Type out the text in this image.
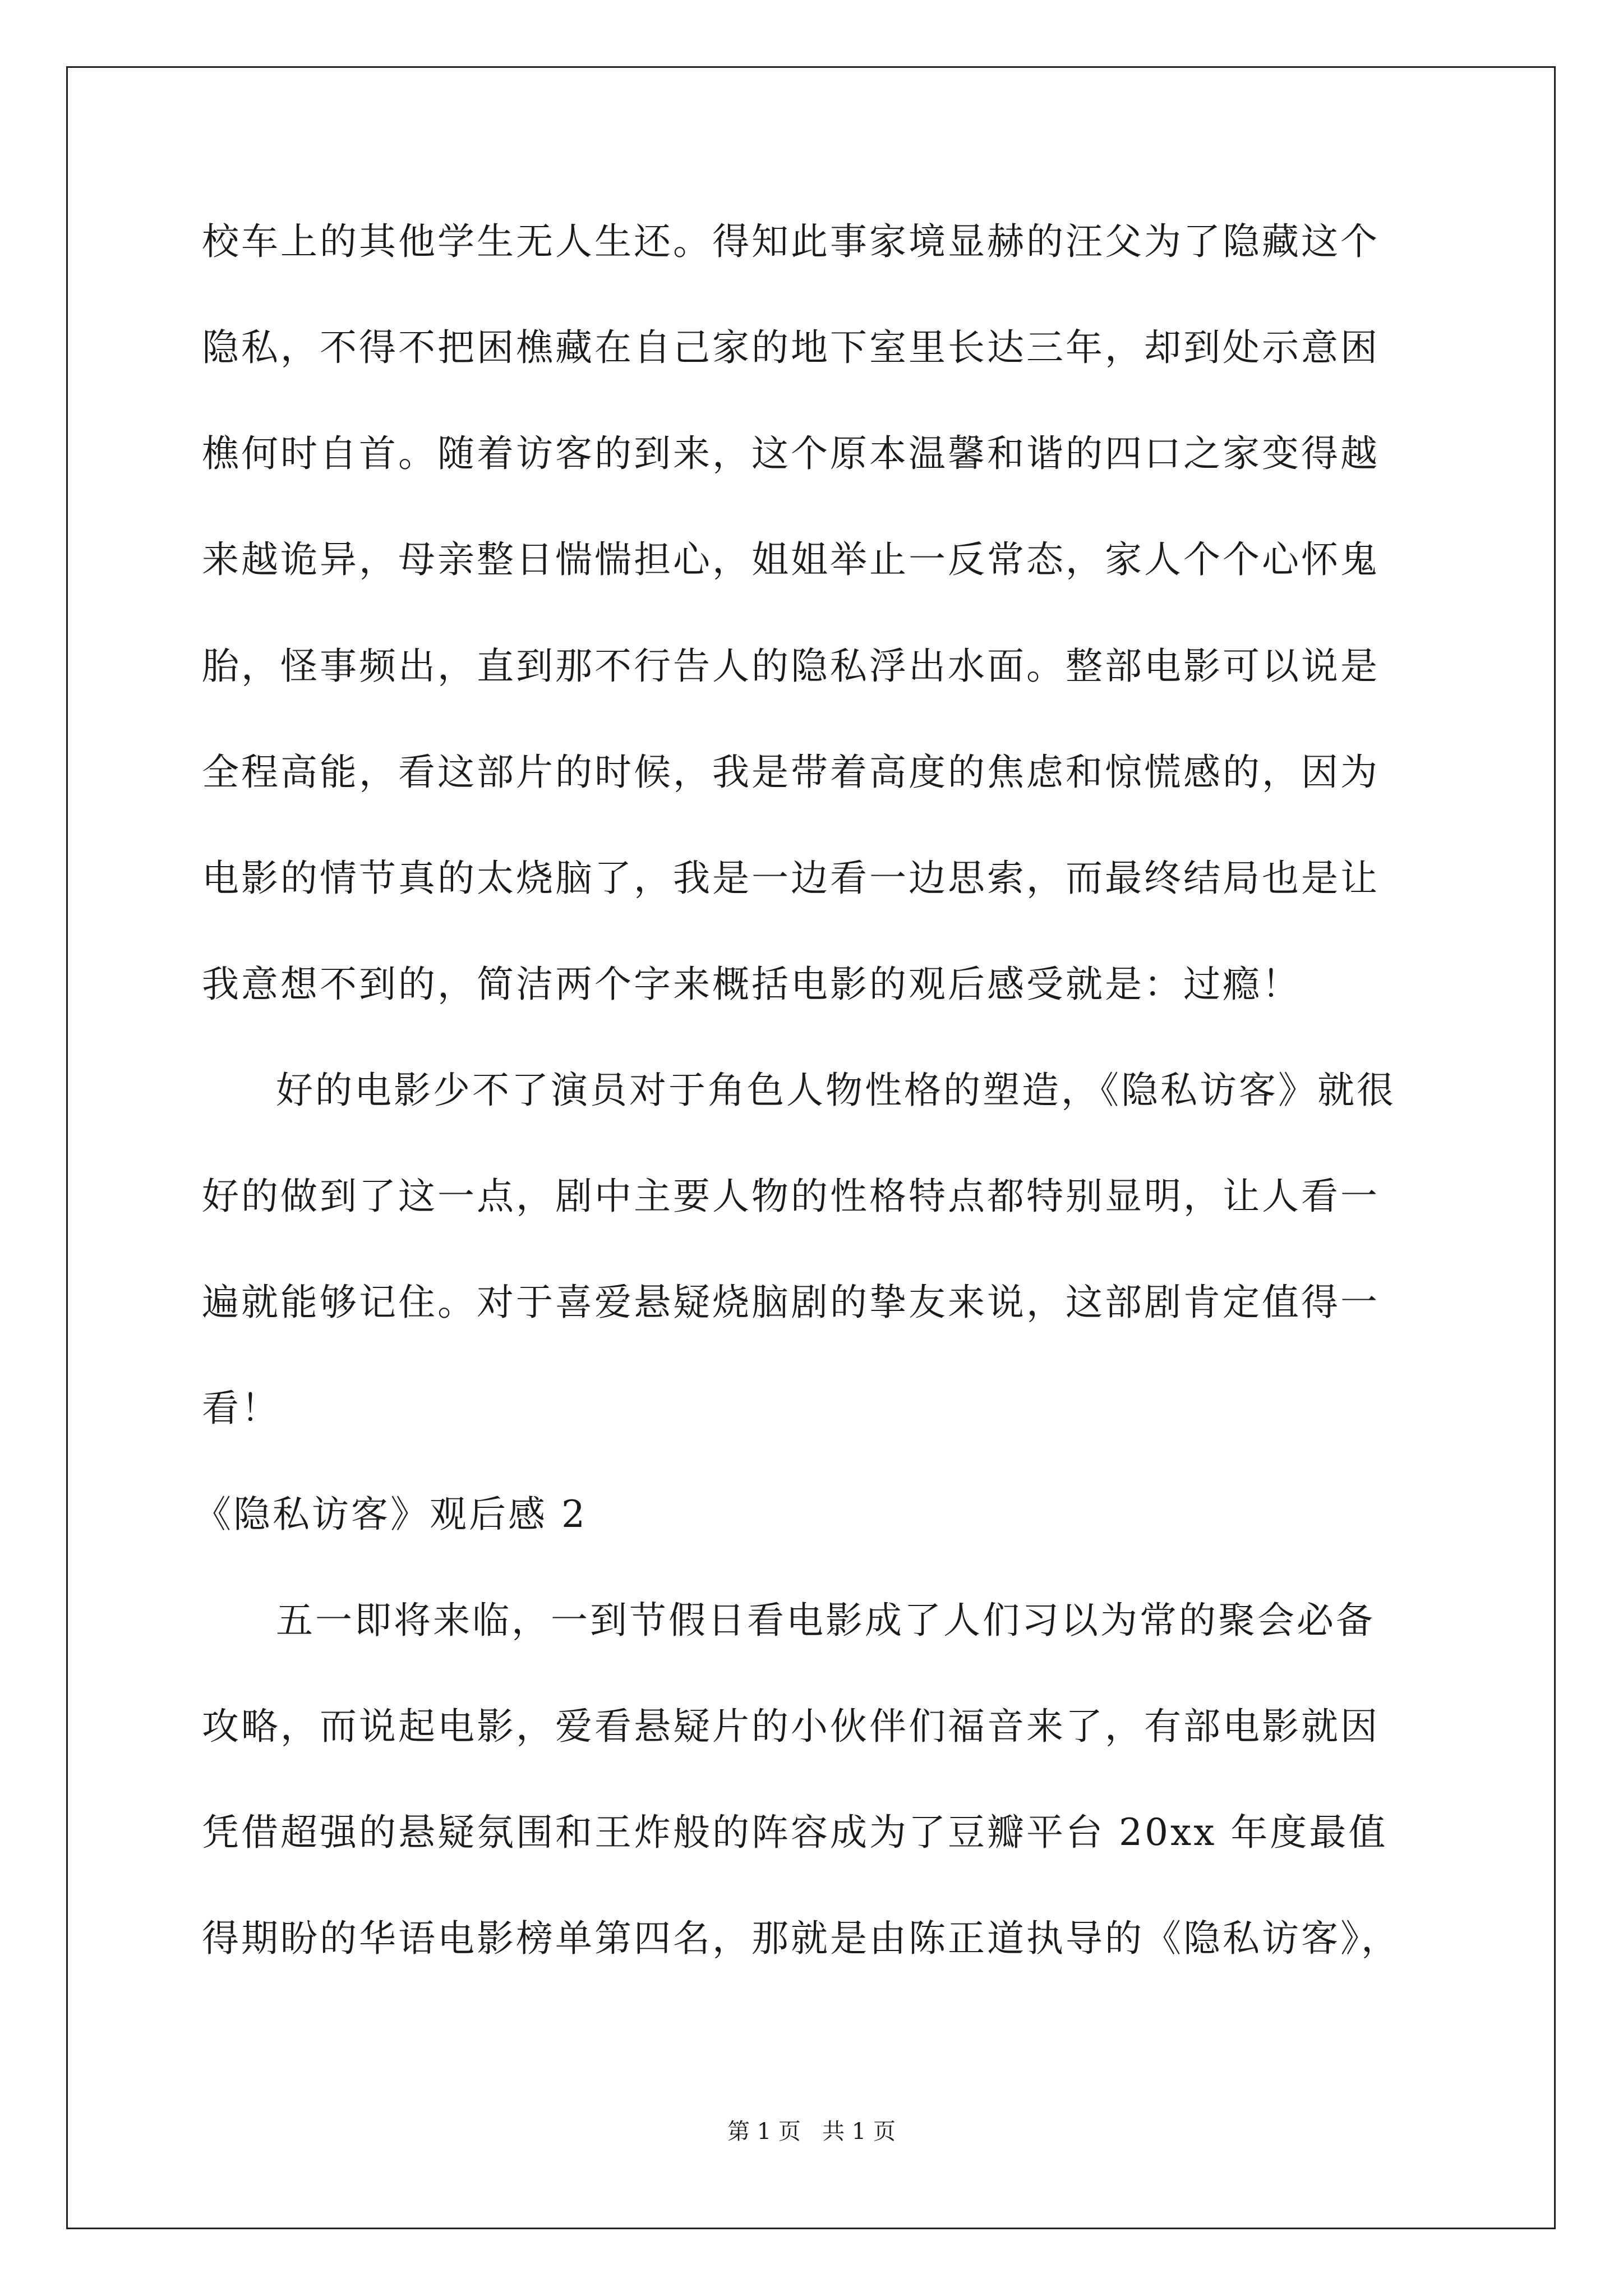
校车上的其他学生无人生还。得知此事家境显赫的汪父为了隐藏这个
隐私，不得不把困樵藏在自己家的地下室里长达三年，却到处示意困
樵何时自首。随着访客的到来，这个原本温馨和谐的四口之家变得越
来越诡异，母亲整日惴惴担心，姐姐举止一反常态，家人个个心怀鬼
胎，怪事频出，直到那不行告人的隐私浮出水面。整部电影可以说是
全程高能，看这部片的时候，我是带着高度的焦虑和惊慌感的，因为
电影的情节真的太烧脑了，我是一边看一边思索，而最终结局也是让
我意想不到的，简洁两个字来概括电影的观后感受就是：过瘾！
好的电影少不了演员对于角色人物性格的塑造，《隐私访客》就很
好的做到了这一点，剧中主要人物的性格特点都特别显明，让人看一
遍就能够记住。对于喜爱悬疑烧脑剧的挚友来说，这部剧肯定值得一
看！
《隐私访客》观后感 2
五一即将来临，一到节假日看电影成了人们习以为常的聚会必备
攻略，而说起电影，爱看悬疑片的小伙伴们福音来了，有部电影就因
凭借超强的悬疑氛围和王炸般的阵容成为了豆瓣平台 20xx 年度最值
得期盼的华语电影榜单第四名，那就是由陈正道执导的《隐私访客》，
第 1 页   共 1 页
